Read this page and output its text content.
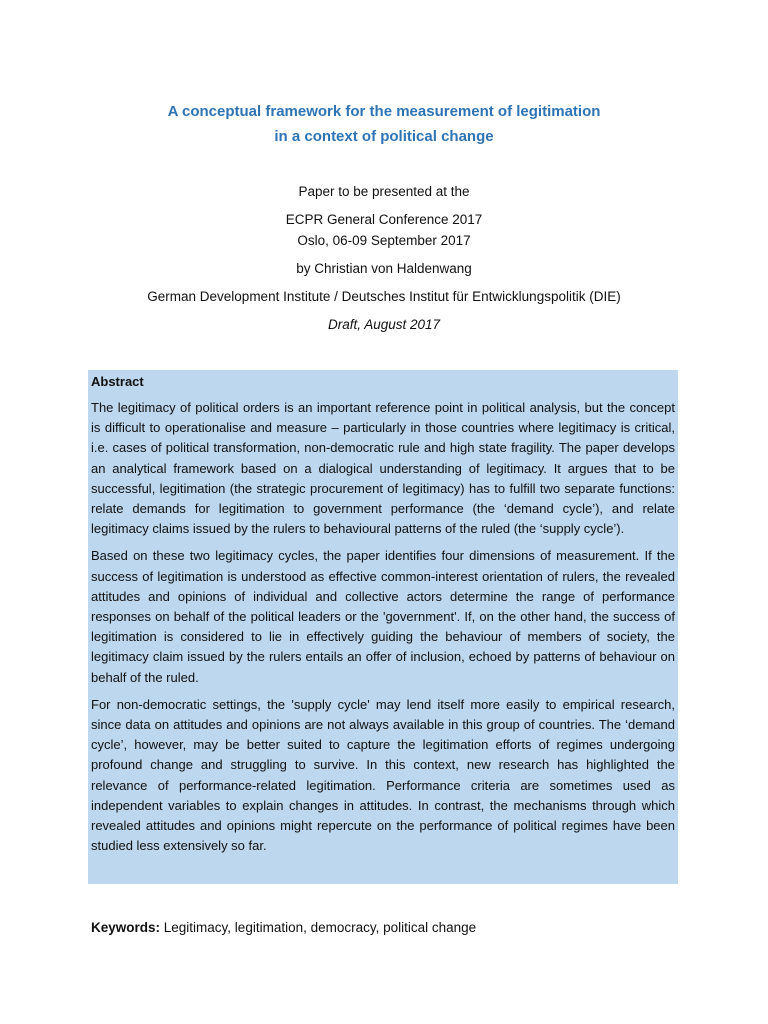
A conceptual framework for the measurement of legitimation
in a context of political change
Paper to be presented at the
ECPR General Conference 2017
Oslo, 06-09 September 2017
by Christian von Haldenwang
German Development Institute / Deutsches Institut für Entwicklungspolitik (DIE)
Draft, August 2017
Abstract

The legitimacy of political orders is an important reference point in political analysis, but the concept is difficult to operationalise and measure – particularly in those countries where legitimacy is critical, i.e. cases of political transformation, non-democratic rule and high state fragility. The paper develops an analytical framework based on a dialogical understanding of legitimacy. It argues that to be successful, legitimation (the strategic procurement of legitimacy) has to fulfill two separate functions: relate demands for legitimation to government performance (the ‘demand cycle’), and relate legitimacy claims issued by the rulers to behavioural patterns of the ruled (the ‘supply cycle’).

Based on these two legitimacy cycles, the paper identifies four dimensions of measurement. If the success of legitimation is understood as effective common-interest orientation of rulers, the revealed attitudes and opinions of individual and collective actors determine the range of performance responses on behalf of the political leaders or the 'government'. If, on the other hand, the success of legitimation is considered to lie in effectively guiding the behaviour of members of society, the legitimacy claim issued by the rulers entails an offer of inclusion, echoed by patterns of behaviour on behalf of the ruled.

For non-democratic settings, the 'supply cycle' may lend itself more easily to empirical research, since data on attitudes and opinions are not always available in this group of countries. The ‘demand cycle’, however, may be better suited to capture the legitimation efforts of regimes undergoing profound change and struggling to survive. In this context, new research has highlighted the relevance of performance-related legitimation. Performance criteria are sometimes used as independent variables to explain changes in attitudes. In contrast, the mechanisms through which revealed attitudes and opinions might repercute on the performance of political regimes have been studied less extensively so far.

Keywords: Legitimacy, legitimation, democracy, political change
